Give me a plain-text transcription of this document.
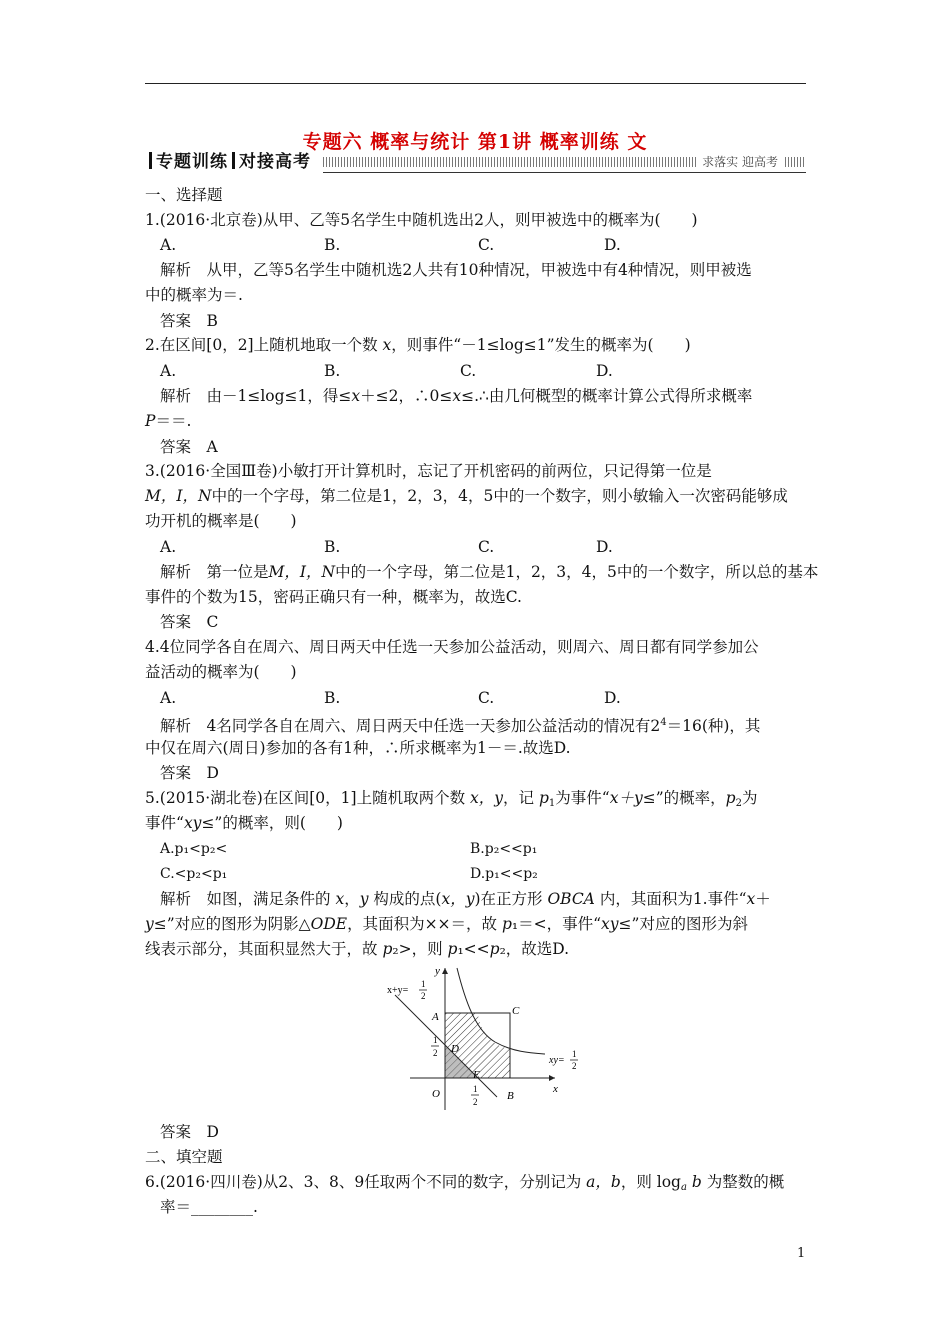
专题六 概率与统计 第1讲 概率训练 文
专题训练 对接高考	求落实 迎高考
一、选择题
1.(2016·北京卷)从甲、乙等5名学生中随机选出2人，则甲被选中的概率为(　　)
A.	B.	C.	D.
解析　从甲，乙等5名学生中随机选2人共有10种情况，甲被选中有4种情况，则甲被选
中的概率为＝.
答案　B
2.在区间[0，2]上随机地取一个数 x，则事件“－1≤log≤1”发生的概率为(　　)
A.	B.	C.	D.
解析　由－1≤log≤1，得≤x＋≤2，∴0≤x≤.∴由几何概型的概率计算公式得所求概率
P＝＝.
答案　A
3.(2016·全国Ⅲ卷)小敏打开计算机时，忘记了开机密码的前两位，只记得第一位是
M，I，N中的一个字母，第二位是1，2，3，4，5中的一个数字，则小敏输入一次密码能够成
功开机的概率是(　　)
A.	B.	C.	D.
解析　第一位是M，I，N中的一个字母，第二位是1，2，3，4，5中的一个数字，所以总的基本
事件的个数为15，密码正确只有一种，概率为，故选C.
答案　C
4.4位同学各自在周六、周日两天中任选一天参加公益活动，则周六、周日都有同学参加公
益活动的概率为(　　)
A.	B.	C.	D.
解析　4名同学各自在周六、周日两天中任选一天参加公益活动的情况有$2^4=16$(种)，其
中仅在周六(周日)参加的各有1种，∴所求概率为1－＝.故选D.
答案　D
5.(2015·湖北卷)在区间[0，1]上随机取两个数 x，y，记 $p_1$为事件“x＋y≤”的概率，$p_2$为
事件“xy≤”的概率，则(　　)
A.p₁<p₂<	B.p₂<<p₁
C.<p₂<p₁	D.p₁<<p₂
解析　如图，满足条件的 x，y 构成的点(x，y)在正方形 OBCA 内，其面积为1.事件“x＋
y≤”对应的图形为阴影△ODE，其面积为××＝，故 p₁＝<，事件“xy≤”对应的图形为斜
线表示部分，其面积显然大于，故 p₂>，则 p₁<<p₂，故选D.
y
x
O
A
B
C
D
E
x+y=
1
2
1
2
1
2
xy=
1
2
答案　D
二、填空题
6.(2016·四川卷)从2、3、8、9任取两个不同的数字，分别记为 a，b，则 $\log_a b$ 为整数的概
率＝________.
1
